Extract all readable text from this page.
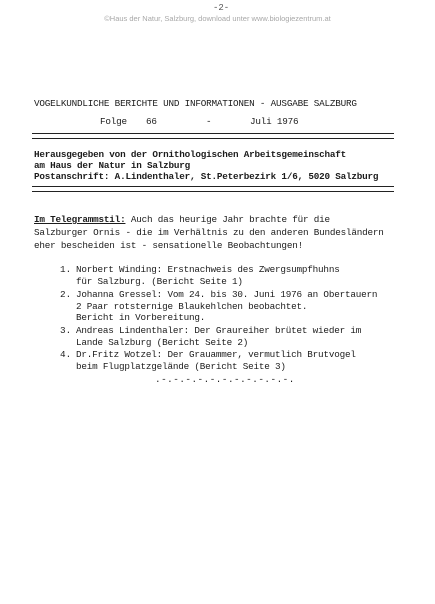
-2-
©Haus der Natur, Salzburg, download unter www.biologiezentrum.at
VOGELKUNDLICHE BERICHTE UND INFORMATIONEN - AUSGABE SALZBURG
Folge 66	-	Juli 1976
Herausgegeben von der Ornithologischen Arbeitsgemeinschaft
am Haus der Natur in Salzburg
Postanschrift: A.Lindenthaler, St.Peterbezirk 1/6, 5020 Salzburg
Im Telegrammstil: Auch das heurige Jahr brachte für die
Salzburger Ornis - die im Verhältnis zu den anderen Bundesländern
eher bescheiden ist - sensationelle Beobachtungen!
1. Norbert Winding: Erstnachweis des Zwergsumpfhuhns
für Salzburg. (Bericht Seite 1)
2. Johanna Gressel: Vom 24. bis 30. Juni 1976 an Obertauern
2 Paar rotsternige Blaukehlchen beobachtet.
Bericht in Vorbereitung.
3. Andreas Lindenthaler: Der Graureiher brütet wieder im
Lande Salzburg (Bericht Seite 2)
4. Dr.Fritz Wotzel: Der Grauammer, vermutlich Brutvogel
beim Flugplatzgelände (Bericht Seite 3)
.-.-.-.-.-.-.-.-.-.-.-.
